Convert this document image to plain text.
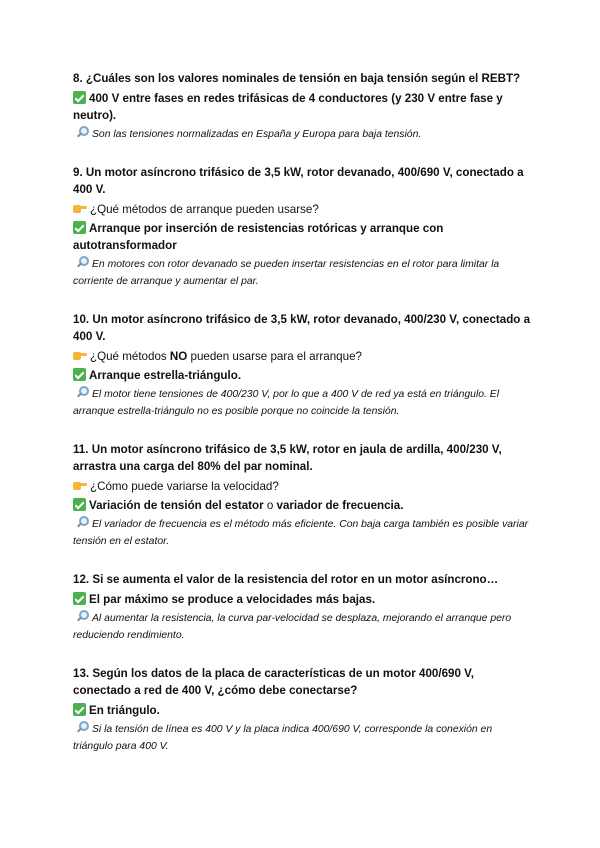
8. ¿Cuáles son los valores nominales de tensión en baja tensión según el REBT?
400 V entre fases en redes trifásicas de 4 conductores (y 230 V entre fase y neutro).
Son las tensiones normalizadas en España y Europa para baja tensión.
9. Un motor asíncrono trifásico de 3,5 kW, rotor devanado, 400/690 V, conectado a 400 V.
¿Qué métodos de arranque pueden usarse?
Arranque por inserción de resistencias rotóricas y arranque con autotransformador
En motores con rotor devanado se pueden insertar resistencias en el rotor para limitar la corriente de arranque y aumentar el par.
10. Un motor asíncrono trifásico de 3,5 kW, rotor devanado, 400/230 V, conectado a 400 V.
¿Qué métodos NO pueden usarse para el arranque?
Arranque estrella-triángulo.
El motor tiene tensiones de 400/230 V, por lo que a 400 V de red ya está en triángulo. El arranque estrella-triángulo no es posible porque no coincide la tensión.
11. Un motor asíncrono trifásico de 3,5 kW, rotor en jaula de ardilla, 400/230 V, arrastra una carga del 80% del par nominal.
¿Cómo puede variarse la velocidad?
Variación de tensión del estator o variador de frecuencia.
El variador de frecuencia es el método más eficiente. Con baja carga también es posible variar tensión en el estator.
12. Si se aumenta el valor de la resistencia del rotor en un motor asíncrono…
El par máximo se produce a velocidades más bajas.
Al aumentar la resistencia, la curva par-velocidad se desplaza, mejorando el arranque pero reduciendo rendimiento.
13. Según los datos de la placa de características de un motor 400/690 V, conectado a red de 400 V, ¿cómo debe conectarse?
En triángulo.
Si la tensión de línea es 400 V y la placa indica 400/690 V, corresponde la conexión en triángulo para 400 V.
